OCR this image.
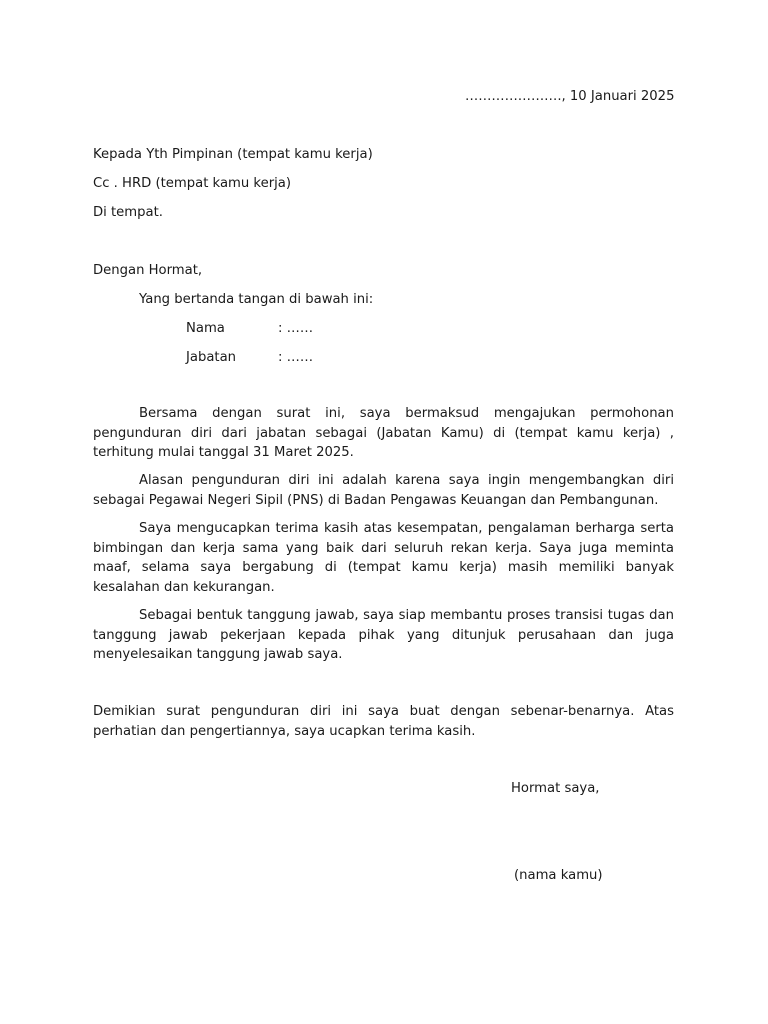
…………………., 10 Januari 2025
Kepada Yth Pimpinan (tempat kamu kerja)
Cc . HRD (tempat kamu kerja)
Di tempat.
Dengan Hormat,
Yang bertanda tangan di bawah ini:
Nama	: ……
Jabatan	: ……
Bersama dengan surat ini, saya bermaksud mengajukan permohonan pengunduran diri dari jabatan sebagai (Jabatan Kamu) di (tempat kamu kerja) , terhitung mulai tanggal 31 Maret 2025.
Alasan pengunduran diri ini adalah karena saya ingin mengembangkan diri sebagai Pegawai Negeri Sipil (PNS) di Badan Pengawas Keuangan dan Pembangunan.
Saya mengucapkan terima kasih atas kesempatan, pengalaman berharga serta bimbingan dan kerja sama yang baik dari seluruh rekan kerja. Saya juga meminta maaf, selama saya bergabung di (tempat kamu kerja) masih memiliki banyak kesalahan dan kekurangan.
Sebagai bentuk tanggung jawab, saya siap membantu proses transisi tugas dan tanggung jawab pekerjaan kepada pihak yang ditunjuk perusahaan dan juga menyelesaikan tanggung jawab saya.
Demikian surat pengunduran diri ini saya buat dengan sebenar-benarnya. Atas perhatian dan pengertiannya, saya ucapkan terima kasih.
Hormat saya,
(nama kamu)
